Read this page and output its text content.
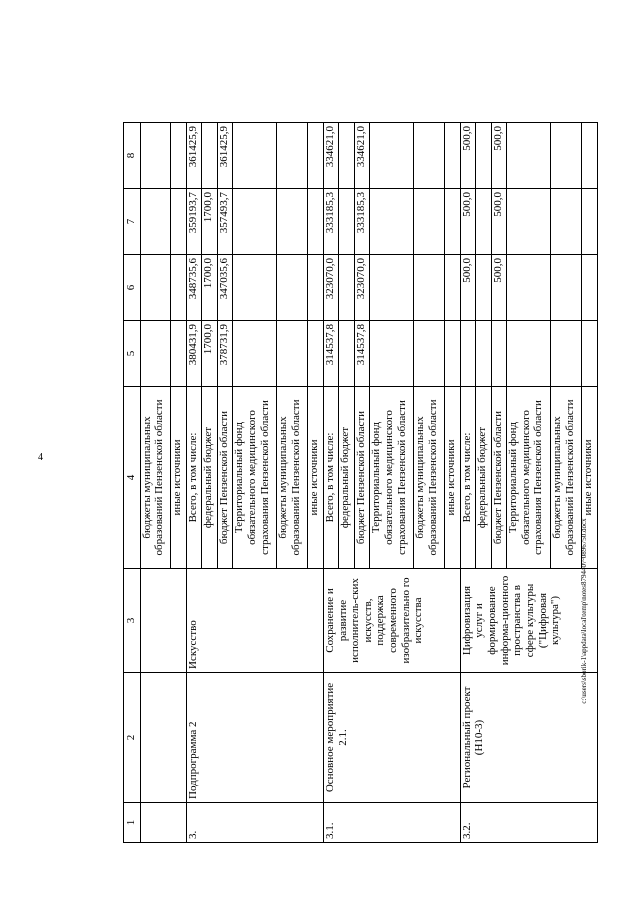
4
c:\users\sborik-1\appdata\local\temp\notes879440\~0896750.docx
1	2	3	4	5	6	7	8
			бюджеты муниципальных образований Пензенской области				
			иные источники				
3.	Подпрограмма 2	Искусство	Всего, в том числе:	380431,9	348735,6	359193,7	361425,9
			федеральный бюджет	1700,0	1700,0	1700,0	
			бюджет Пензенской области	378731,9	347035,6	357493,7	361425,9
			Территориальный фонд обязательного медицинского страхования Пензенской области				
			бюджеты муниципальных образований Пензенской области				
			иные источники				
3.1.	Основное мероприятие 2.1.	Сохранение и развитие исполнитель-ских искусств, поддержка современного изобразительно го искусства	Всего, в том числе:	314537,8	323070,0	333185,3	334621,0
			федеральный бюджет				
			бюджет Пензенской области	314537,8	323070,0	333185,3	334621,0
			Территориальный фонд обязательного медицинского страхования Пензенской области				
			бюджеты муниципальных образований Пензенской области				
			иные источники				
3.2.	Региональный проект (Н10-3)	Цифровизация услуг и формирование информа-ционного пространства в сфере культуры ("Цифровая культура")	Всего, в том числе:		500,0	500,0	500,0
			федеральный бюджет				
			бюджет Пензенской области		500,0	500,0	500,0
			Территориальный фонд обязательного медицинского страхования Пензенской области				
			бюджеты муниципальных образований Пензенской области				
			иные источники				
